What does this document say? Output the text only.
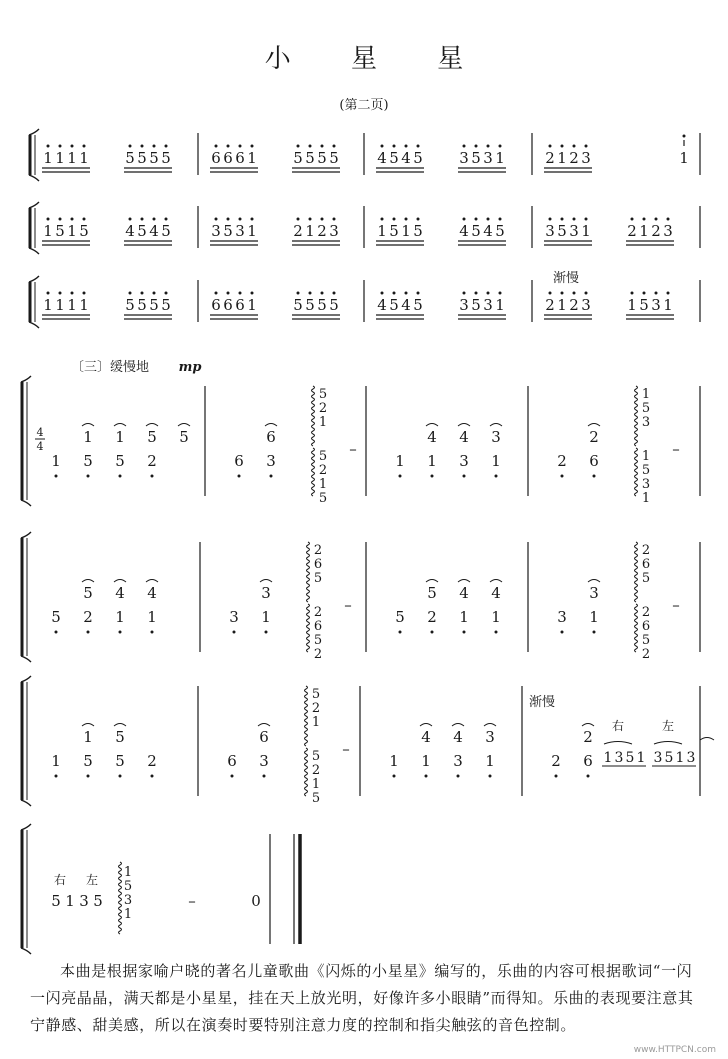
小 星 星
(第二页)
1 1 1 1 5 5 5 5	6 6 6 1 5 5 5 5	4 5 4 5 3 5 3 1	2 1 2 3	1
1 5 1 5 4 5 4 5	3 5 3 1 2 1 2 3	1 5 1 5 4 5 4 5	3 5 3 1 2 1 2 3
1 1 1 1 5 5 5 5	6 6 6 1 5 5 5 5	4 5 4 5 3 5 3 1	2 1 2 3 1 5 3 1
渐慢
〔三〕缓慢地 mp
4
4
1 5 5 2
1 1 5 5
6 3
6
5
2
1
5
2
1
5
–
1 1 3 1
4 4 3
2 6
2
1
5
3
1
5
3
1
–
5 2 1 1
5 4 4
3 1
3
2
6
5
2
6
5
2
–
5 2 1 1
5 4 4
3 1
3
2
6
5
2
6
5
2
–
1 5 5 2
1 5
6 3
6
5
2
1
5
2
1
5
–
1 1 3 1
4 4 3
2 6
2
渐慢
右
1 3 5 1
左
3 5 1 3
右 左
5 1 3 5
1
5
3
1
–	0
本曲是根据家喻户晓的著名儿童歌曲《闪烁的小星星》编写的，乐曲的内容可根据歌词“一闪一闪亮晶晶，满天都是小星星，挂在天上放光明，好像许多小眼睛”而得知。乐曲的表现要注意其宁静感、甜美感，所以在演奏时要特别注意力度的控制和指尖触弦的音色控制。
www.HTTPCN.com
